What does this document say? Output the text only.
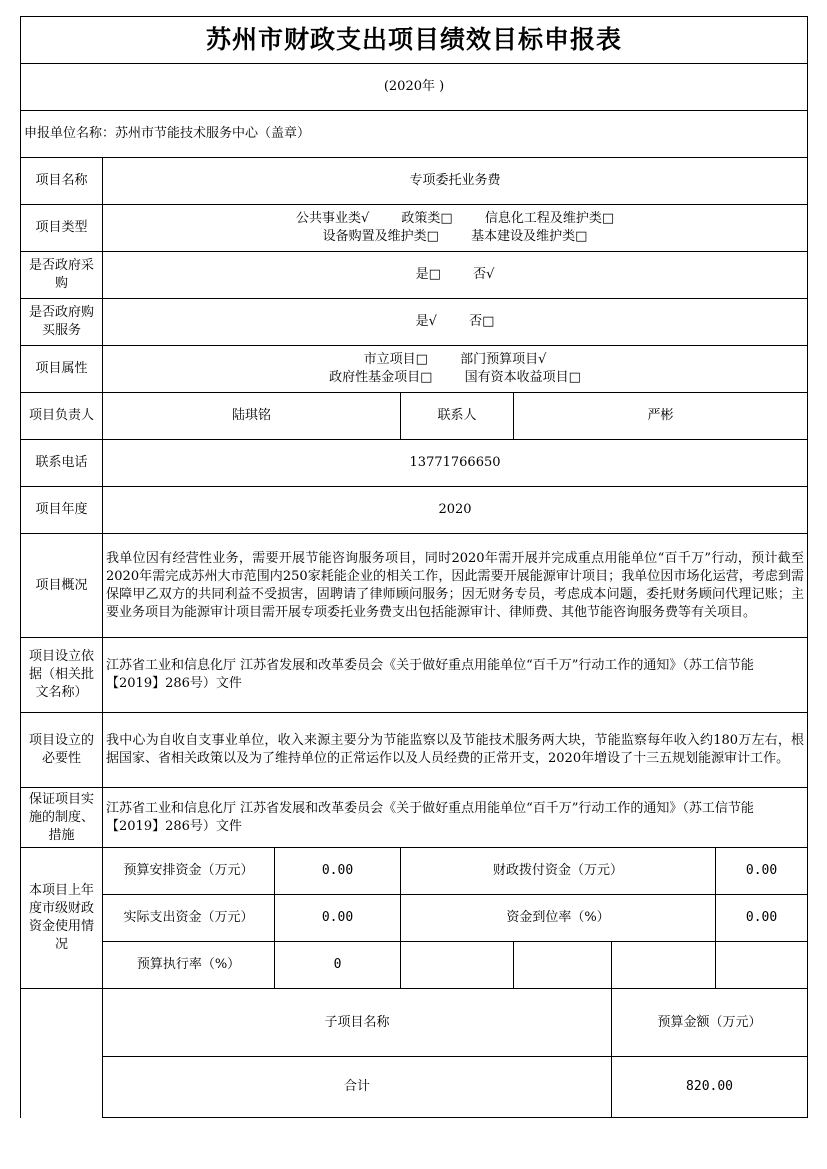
苏州市财政支出项目绩效目标申报表						
(2020年 )						
申报单位名称：苏州市节能技术服务中心（盖章）						
项目名称	专项委托业务费					
项目类型	公共事业类√ 政策类□ 信息化工程及维护类□
设备购置及维护类□ 基本建设及维护类□					

是否政府采购	是□ 否√					
是否政府购买服务	是√ 否□					
项目属性	市立项目□ 部门预算项目√
政府性基金项目□ 国有资本收益项目□					

项目负责人	陆琪铭		联系人	严彬		
联系电话	13771766650					
项目年度	2020					
项目概况	我单位因有经营性业务，需要开展节能咨询服务项目，同时2020年需开展并完成重点用能单位“百千万”行动，预计截至2020年需完成苏州大市范围内250家耗能企业的相关工作，因此需要开展能源审计项目；我单位因市场化运营，考虑到需保障甲乙双方的共同利益不受损害，固聘请了律师顾问服务；因无财务专员，考虑成本问题，委托财务顾问代理记账；主要业务项目为能源审计项目需开展专项委托业务费支出包括能源审计、律师费、其他节能咨询服务费等有关项目。					
项目设立依据（相关批文名称）	江苏省工业和信息化厅 江苏省发展和改革委员会《关于做好重点用能单位“百千万”行动工作的通知》（苏工信节能【2019】286号）文件					
项目设立的必要性	我中心为自收自支事业单位，收入来源主要分为节能监察以及节能技术服务两大块，节能监察每年收入约180万左右，根据国家、省相关政策以及为了维持单位的正常运作以及人员经费的正常开支，2020年增设了十三五规划能源审计工作。					
保证项目实施的制度、措施	江苏省工业和信息化厅 江苏省发展和改革委员会《关于做好重点用能单位“百千万”行动工作的通知》（苏工信节能【2019】286号）文件					
本项目上年度市级财政资金使用情况	预算安排资金（万元）	0.00	财政拨付资金（万元）			0.00
	实际支出资金（万元）	0.00	资金到位率（%）			0.00
	预算执行率（%）	0				
	子项目名称				预算金额（万元）	
	合计				820.00	
